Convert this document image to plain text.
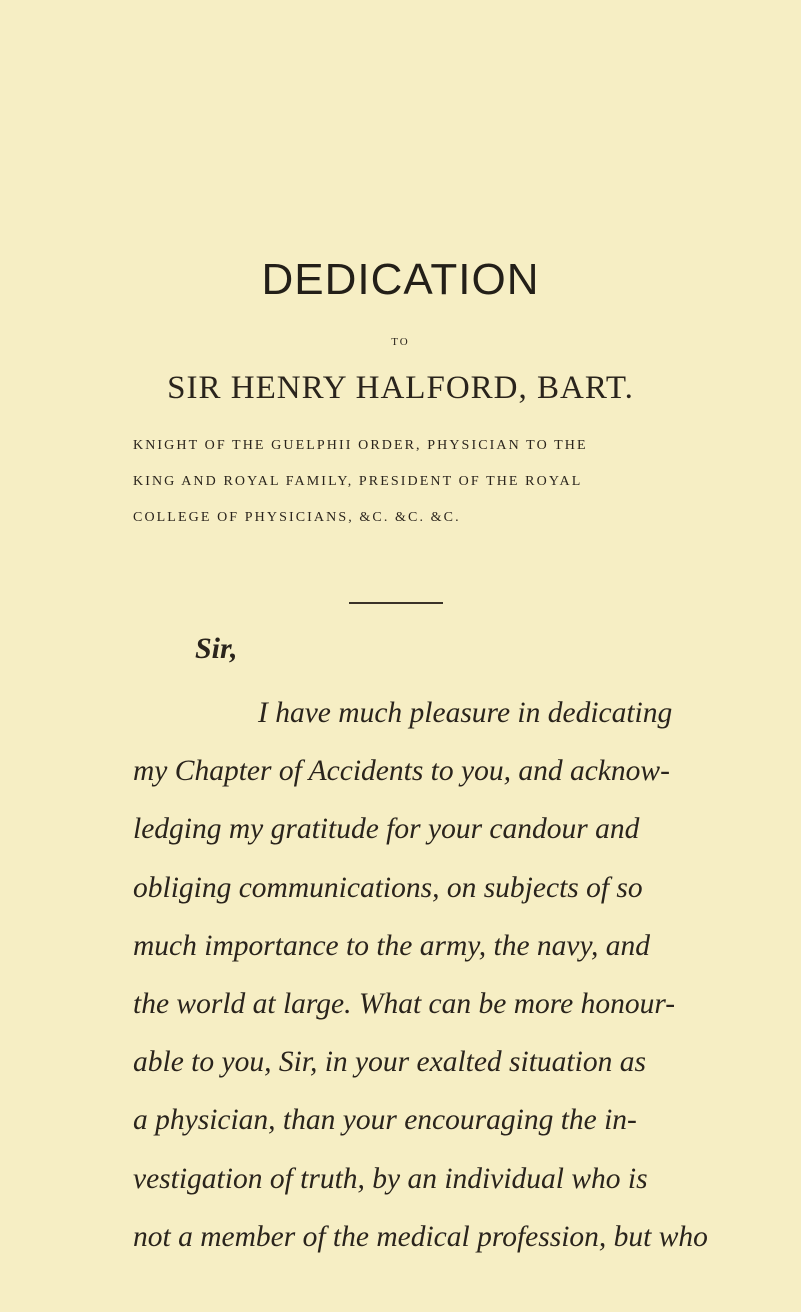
DEDICATION
TO
SIR HENRY HALFORD, BART.
KNIGHT OF THE GUELPHII ORDER, PHYSICIAN TO THE
KING AND ROYAL FAMILY, PRESIDENT OF THE ROYAL
COLLEGE OF PHYSICIANS, &C. &C. &C.
Sir,
I have much pleasure in dedicating
my Chapter of Accidents to you, and acknow-
ledging my gratitude for your candour and
obliging communications, on subjects of so
much importance to the army, the navy, and
the world at large. What can be more honour-
able to you, Sir, in your exalted situation as
a physician, than your encouraging the in-
vestigation of truth, by an individual who is
not a member of the medical profession, but who
